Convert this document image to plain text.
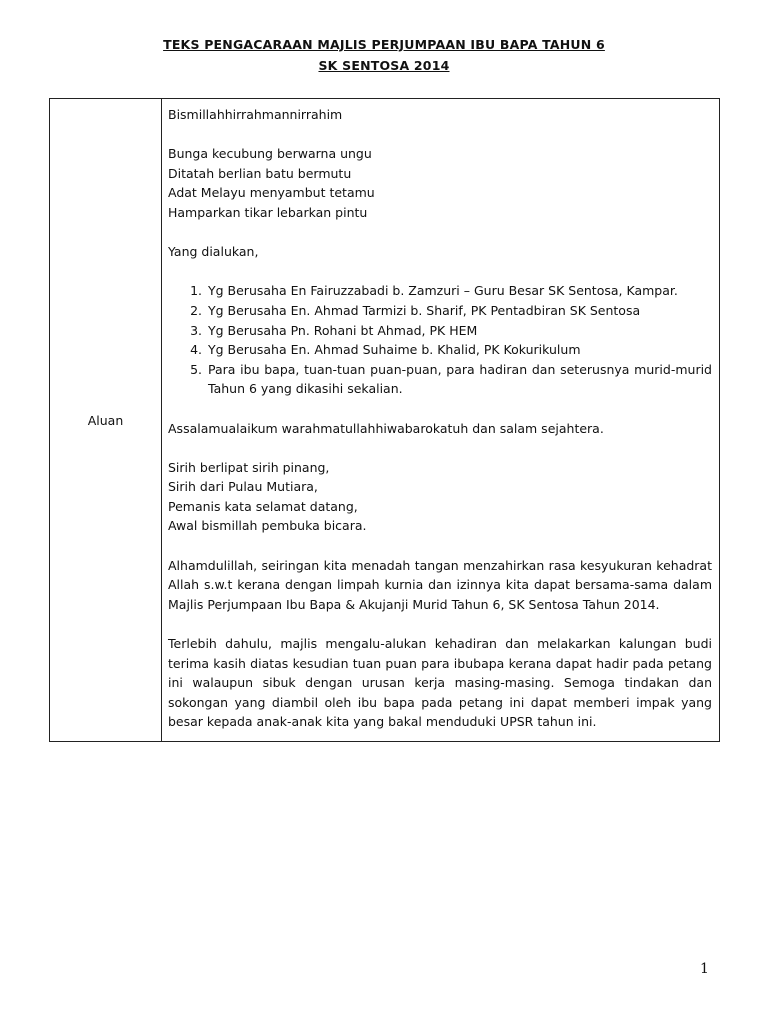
TEKS PENGACARAAN MAJLIS PERJUMPAAN IBU BAPA TAHUN 6
SK SENTOSA 2014
Aluan	

Bismillahhirrahmannirrahim

Bunga kecubung berwarna ungu

Ditatah berlian batu bermutu

Adat Melayu menyambut tetamu

Hamparkan tikar lebarkan pintu

Yang dialukan,

1. Yg Berusaha En Fairuzzabadi b. Zamzuri – Guru Besar SK Sentosa, Kampar.
2. Yg Berusaha En. Ahmad Tarmizi b. Sharif, PK Pentadbiran SK Sentosa
3. Yg Berusaha Pn. Rohani bt Ahmad, PK HEM
4. Yg Berusaha En. Ahmad Suhaime b. Khalid, PK Kokurikulum
5. Para ibu bapa, tuan-tuan puan-puan, para hadiran dan seterusnya murid-murid Tahun 6 yang dikasihi sekalian.

Assalamualaikum warahmatullahhiwabarokatuh dan salam sejahtera.

Sirih berlipat sirih pinang,

Sirih dari Pulau Mutiara,

Pemanis kata selamat datang,

Awal bismillah pembuka bicara.

Alhamdulillah, seiringan kita menadah tangan menzahirkan rasa kesyukuran kehadrat Allah s.w.t kerana dengan limpah kurnia dan izinnya kita dapat bersama-sama dalam Majlis Perjumpaan Ibu Bapa & Akujanji Murid Tahun 6, SK Sentosa Tahun 2014.

Terlebih dahulu, majlis mengalu-alukan kehadiran dan melakarkan kalungan budi terima kasih diatas kesudian tuan puan para ibubapa kerana dapat hadir pada petang ini walaupun sibuk dengan urusan kerja masing-masing. Semoga tindakan dan sokongan yang diambil oleh ibu bapa pada petang ini dapat memberi impak yang besar kepada anak-anak kita yang bakal menduduki UPSR tahun ini.

1
